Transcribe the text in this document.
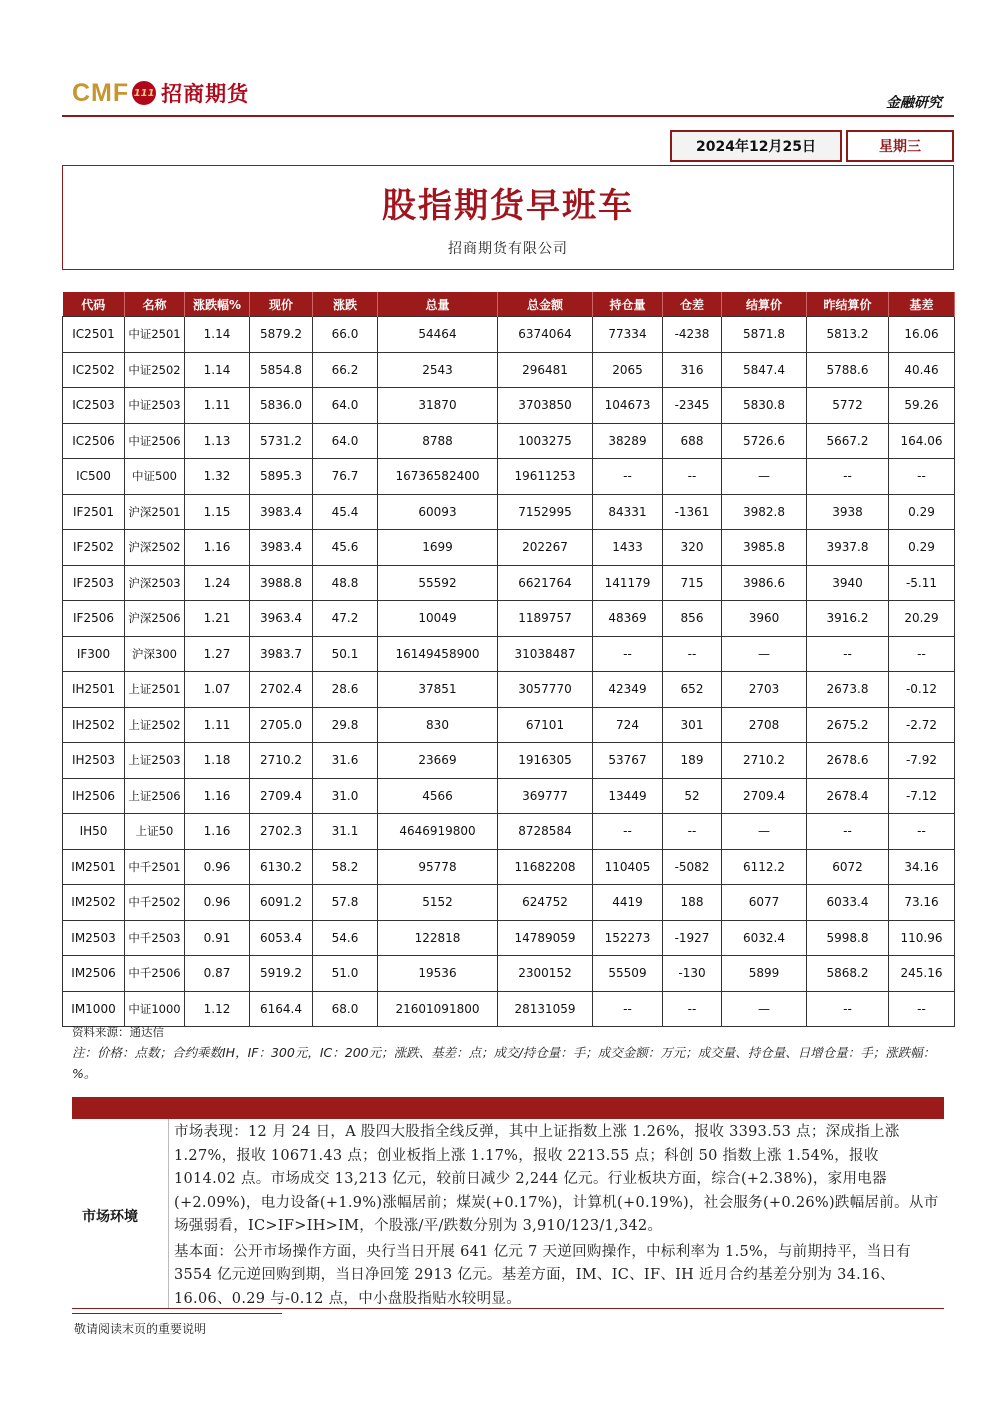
CMF 111 招商期货	金融研究
2024年12月25日	星期三
股指期货早班车
招商期货有限公司
代码	名称	涨跌幅%	现价	涨跌	总量	总金额	持仓量	仓差	结算价	昨结算价	基差
IC2501	中证2501	1.14	5879.2	66.0	54464	6374064	77334	-4238	5871.8	5813.2	16.06
IC2502	中证2502	1.14	5854.8	66.2	2543	296481	2065	316	5847.4	5788.6	40.46
IC2503	中证2503	1.11	5836.0	64.0	31870	3703850	104673	-2345	5830.8	5772	59.26
IC2506	中证2506	1.13	5731.2	64.0	8788	1003275	38289	688	5726.6	5667.2	164.06
IC500	中证500	1.32	5895.3	76.7	16736582400	19611253	--	--	—	--	--
IF2501	沪深2501	1.15	3983.4	45.4	60093	7152995	84331	-1361	3982.8	3938	0.29
IF2502	沪深2502	1.16	3983.4	45.6	1699	202267	1433	320	3985.8	3937.8	0.29
IF2503	沪深2503	1.24	3988.8	48.8	55592	6621764	141179	715	3986.6	3940	-5.11
IF2506	沪深2506	1.21	3963.4	47.2	10049	1189757	48369	856	3960	3916.2	20.29
IF300	沪深300	1.27	3983.7	50.1	16149458900	31038487	--	--	—	--	--
IH2501	上证2501	1.07	2702.4	28.6	37851	3057770	42349	652	2703	2673.8	-0.12
IH2502	上证2502	1.11	2705.0	29.8	830	67101	724	301	2708	2675.2	-2.72
IH2503	上证2503	1.18	2710.2	31.6	23669	1916305	53767	189	2710.2	2678.6	-7.92
IH2506	上证2506	1.16	2709.4	31.0	4566	369777	13449	52	2709.4	2678.4	-7.12
IH50	上证50	1.16	2702.3	31.1	4646919800	8728584	--	--	—	--	--
IM2501	中千2501	0.96	6130.2	58.2	95778	11682208	110405	-5082	6112.2	6072	34.16
IM2502	中千2502	0.96	6091.2	57.8	5152	624752	4419	188	6077	6033.4	73.16
IM2503	中千2503	0.91	6053.4	54.6	122818	14789059	152273	-1927	6032.4	5998.8	110.96
IM2506	中千2506	0.87	5919.2	51.0	19536	2300152	55509	-130	5899	5868.2	245.16
IM1000	中证1000	1.12	6164.4	68.0	21601091800	28131059	--	--	—	--	--
资料来源：通达信
注：价格：点数；合约乘数IH，IF：300元，IC：200元；涨跌、基差：点；成交/持仓量：手；成交金额：万元；成交量、持仓量、日增仓量：手；涨跌幅：%。
市场环境

市场表现：12 月 24 日，A 股四大股指全线反弹，其中上证指数上涨 1.26%，报收 3393.53 点；深成指上涨 1.27%，报收 10671.43 点；创业板指上涨 1.17%，报收 2213.55 点；科创 50 指数上涨 1.54%，报收 1014.02 点。市场成交 13,213 亿元，较前日减少 2,244 亿元。行业板块方面，综合(+2.38%)，家用电器(+2.09%)，电力设备(+1.9%)涨幅居前；煤炭(+0.17%)，计算机(+0.19%)，社会服务(+0.26%)跌幅居前。从市场强弱看，IC>IF>IH>IM，个股涨/平/跌数分别为 3,910/123/1,342。

基本面：公开市场操作方面，央行当日开展 641 亿元 7 天逆回购操作，中标利率为 1.5%，与前期持平，当日有 3554 亿元逆回购到期，当日净回笼 2913 亿元。基差方面，IM、IC、IF、IH 近月合约基差分别为 34.16、16.06、0.29 与-0.12 点，中小盘股指贴水较明显。

敬请阅读末页的重要说明
